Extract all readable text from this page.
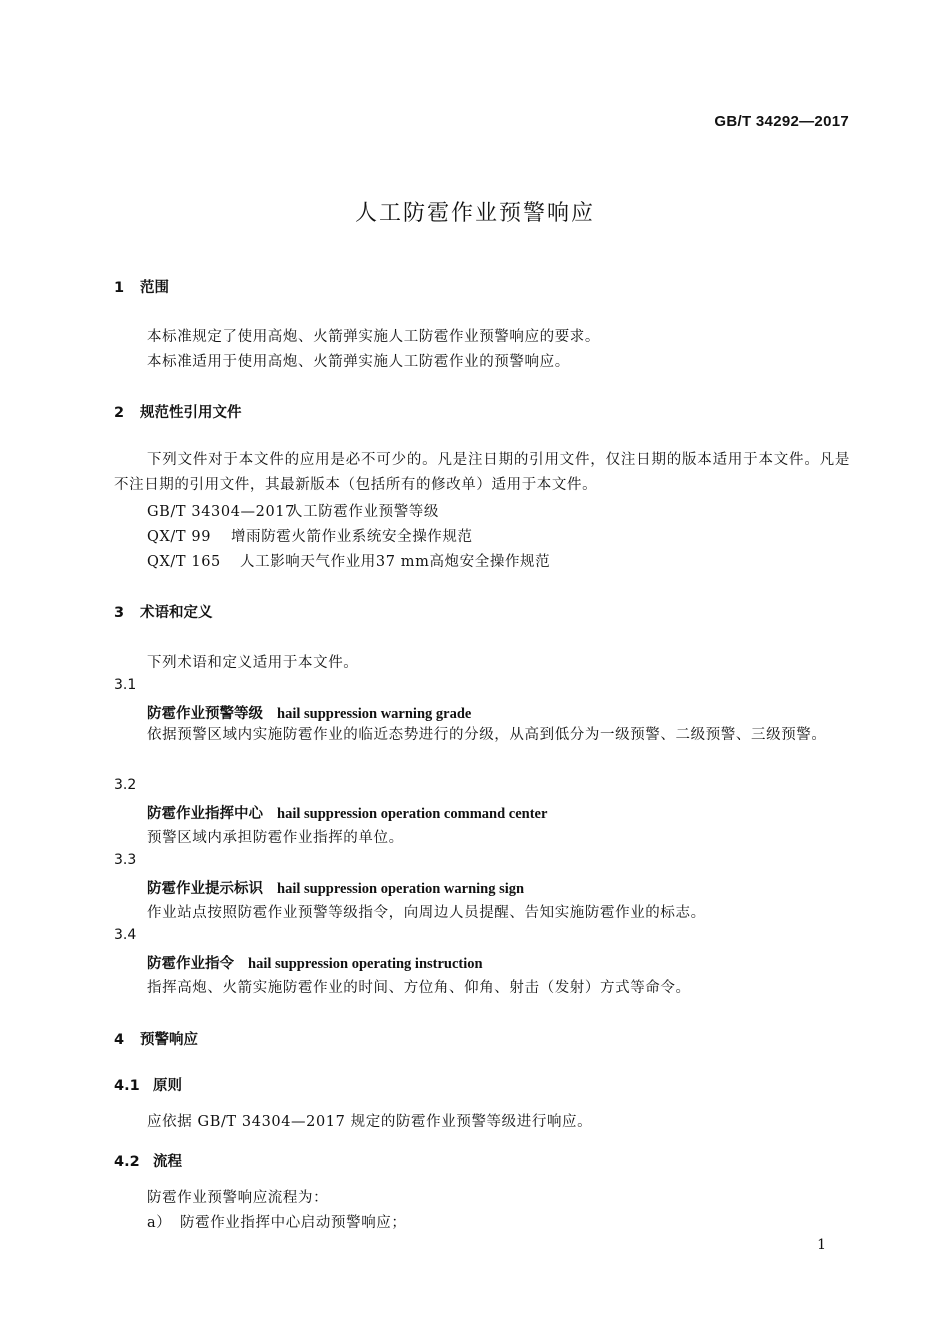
GB/T 34292—2017
人工防雹作业预警响应
1 范围
本标准规定了使用高炮、火箭弹实施人工防雹作业预警响应的要求。
本标准适用于使用高炮、火箭弹实施人工防雹作业的预警响应。
2 规范性引用文件
下列文件对于本文件的应用是必不可少的。凡是注日期的引用文件，仅注日期的版本适用于本文件。凡是不注日期的引用文件，其最新版本（包括所有的修改单）适用于本文件。
GB/T 34304—2017人工防雹作业预警等级
QX/T 99 增雨防雹火箭作业系统安全操作规范
QX/T 165 人工影响天气作业用37 mm高炮安全操作规范
3 术语和定义
下列术语和定义适用于本文件。
3.1
防雹作业预警等级 hail suppression warning grade
依据预警区域内实施防雹作业的临近态势进行的分级，从高到低分为一级预警、二级预警、三级预警。
3.2
防雹作业指挥中心 hail suppression operation command center
预警区域内承担防雹作业指挥的单位。
3.3
防雹作业提示标识 hail suppression operation warning sign
作业站点按照防雹作业预警等级指令，向周边人员提醒、告知实施防雹作业的标志。
3.4
防雹作业指令 hail suppression operating instruction
指挥高炮、火箭实施防雹作业的时间、方位角、仰角、射击（发射）方式等命令。
4 预警响应
4.1 原则
应依据 GB/T 34304—2017 规定的防雹作业预警等级进行响应。
4.2 流程
防雹作业预警响应流程为：
a） 防雹作业指挥中心启动预警响应；
1
